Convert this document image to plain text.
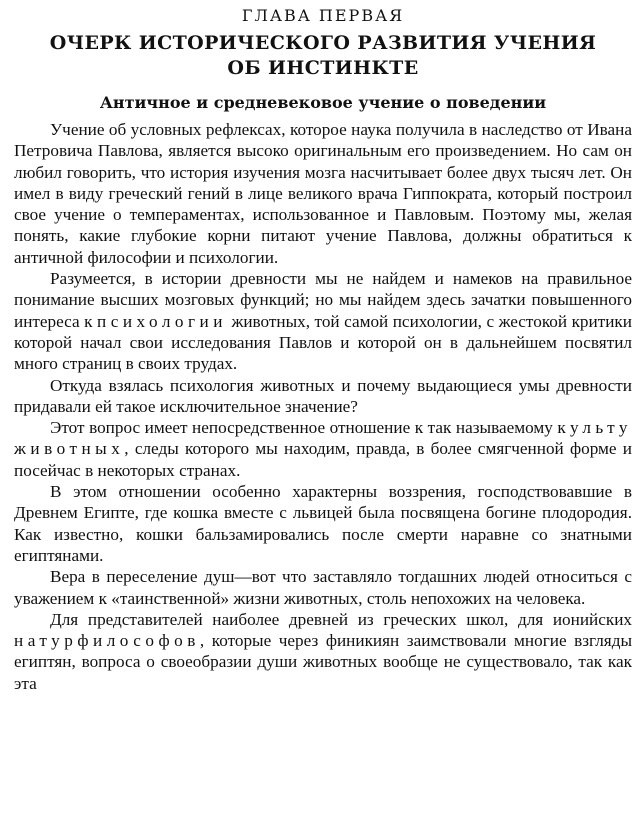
ГЛАВА ПЕРВАЯ
ОЧЕРК ИСТОРИЧЕСКОГО РАЗВИТИЯ УЧЕНИЯ
ОБ ИНСТИНКТЕ
Античное и средневековое учение о поведении

Учение об условных рефлексах, которое наука получила в наследство от Ивана Петровича Павлова, является высоко оригинальным его произведением. Но сам он любил говорить, что история изучения мозга насчитывает более двух тысяч лет. Он имел в виду греческий гений в лице великого врача Гиппократа, который построил свое учение о темпераментах, использованное и Павловым. Поэтому мы, желая понять, какие глубокие корни питают учение Павлова, должны обратиться к античной философии и психологии.

Разумеется, в истории древности мы не найдем и намеков на правильное понимание высших мозговых функций; но мы найдем здесь зачатки повышенного интереса к психологии животных, той самой психологии, с жестокой критики которой начал свои исследования Павлов и которой он в дальнейшем посвятил много страниц в своих трудах.

Откуда взялась психология животных и почему выдающиеся умы древности придавали ей такое исключительное значение?

Этот вопрос имеет непосредственное отношение к так называемому культу животных, следы которого мы находим, правда, в более смягченной форме и посейчас в некоторых странах.

В этом отношении особенно характерны воззрения, господствовавшие в Древнем Египте, где кошка вместе с львицей была посвящена богине плодородия. Как известно, кошки бальзамировались после смерти наравне со знатными египтянами.

Вера в переселение душ—вот что заставляло тогдашних людей относиться с уважением к «таинственной» жизни животных, столь непохожих на человека.

Для представителей наиболее древней из греческих школ, для ионийских натурфилософов, которые через финикиян заимствовали многие взгляды египтян, вопроса о своеобразии души животных вообще не существовало, так как эта
